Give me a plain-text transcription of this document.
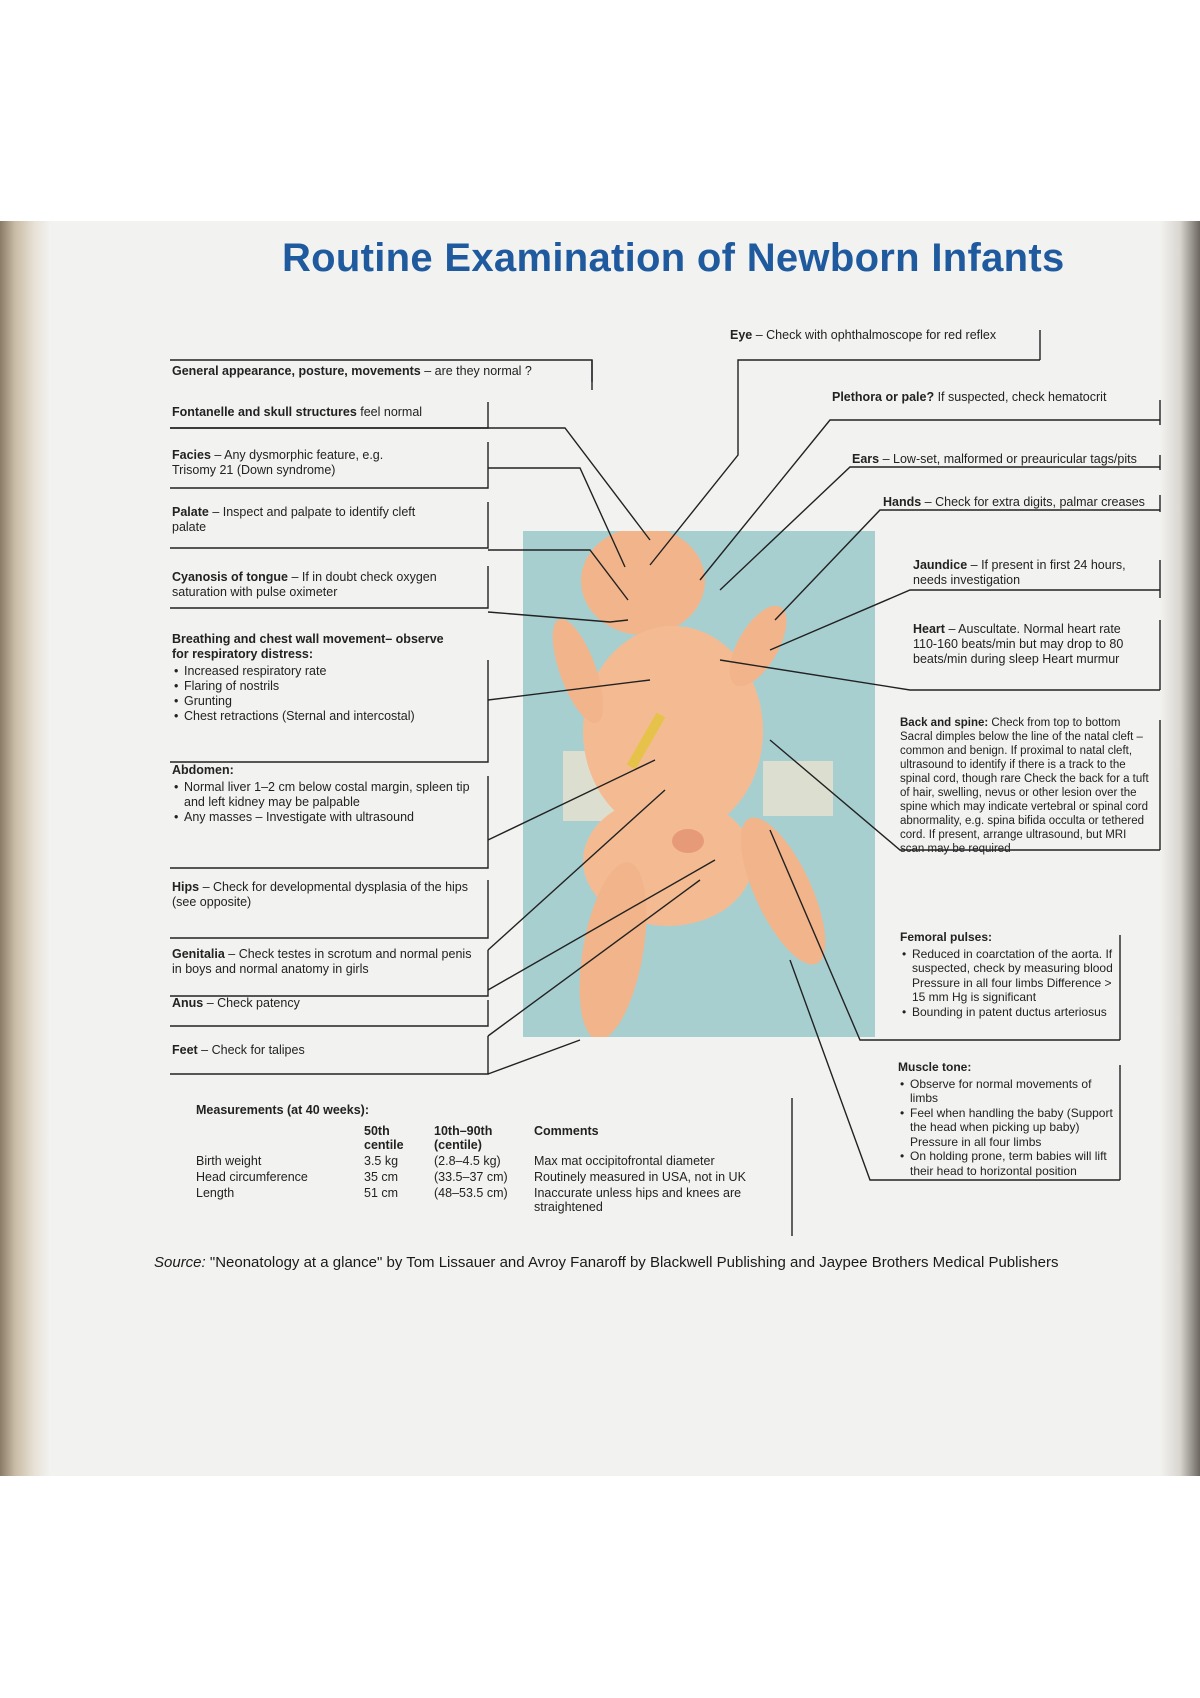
Routine Examination of Newborn Infants
General appearance, posture, movements – are they normal ?
Fontanelle and skull structures feel normal
Facies – Any dysmorphic feature, e.g. Trisomy 21 (Down syndrome)
Palate – Inspect and palpate to identify cleft palate
Cyanosis of tongue – If in doubt check oxygen saturation with pulse oximeter
Breathing and chest wall movement– observe for respiratory distress:
• Increased respiratory rate
• Flaring of nostrils
• Grunting
• Chest retractions (Sternal and intercostal)
Abdomen:
• Normal liver 1–2 cm below costal margin, spleen tip and left kidney may be palpable
• Any masses – Investigate with ultrasound
Hips – Check for developmental dysplasia of the hips (see opposite)
Genitalia – Check testes in scrotum and normal penis in boys and normal anatomy in girls
Anus – Check patency
Feet – Check for talipes
Eye – Check with ophthalmoscope for red reflex
Plethora or pale? If suspected, check hematocrit
Ears – Low-set, malformed or preauricular tags/pits
Hands – Check for extra digits, palmar creases
Jaundice – If present in first 24 hours, needs investigation
Heart – Auscultate. Normal heart rate 110-160 beats/min but may drop to 80 beats/min during sleep Heart murmur
Back and spine: Check from top to bottom Sacral dimples below the line of the natal cleft – common and benign. If proximal to natal cleft, ultrasound to identify if there is a track to the spinal cord, though rare Check the back for a tuft of hair, swelling, nevus or other lesion over the spine which may indicate vertebral or spinal cord abnormality, e.g. spina bifida occulta or tethered cord. If present, arrange ultrasound, but MRI scan may be required
Femoral pulses:
• Reduced in coarctation of the aorta. If suspected, check by measuring blood Pressure in all four limbs Difference > 15 mm Hg is significant
• Bounding in patent ductus arteriosus
Muscle tone:
• Observe for normal movements of limbs
• Feel when handling the baby (Support the head when picking up baby) Pressure in all four limbs
• On holding prone, term babies will lift their head to horizontal position
Measurements (at 40 weeks):
	50th centile	10th–90th (centile)	Comments
Birth weight	3.5 kg	(2.8–4.5 kg)	Max mat occipitofrontal diameter
Head circumference	35 cm	(33.5–37 cm)	Routinely measured in USA, not in UK
Length	51 cm	(48–53.5 cm)	Inaccurate unless hips and knees are straightened
Source: "Neonatology at a glance" by Tom Lissauer and Avroy Fanaroff by Blackwell Publishing and Jaypee Brothers Medical Publishers
